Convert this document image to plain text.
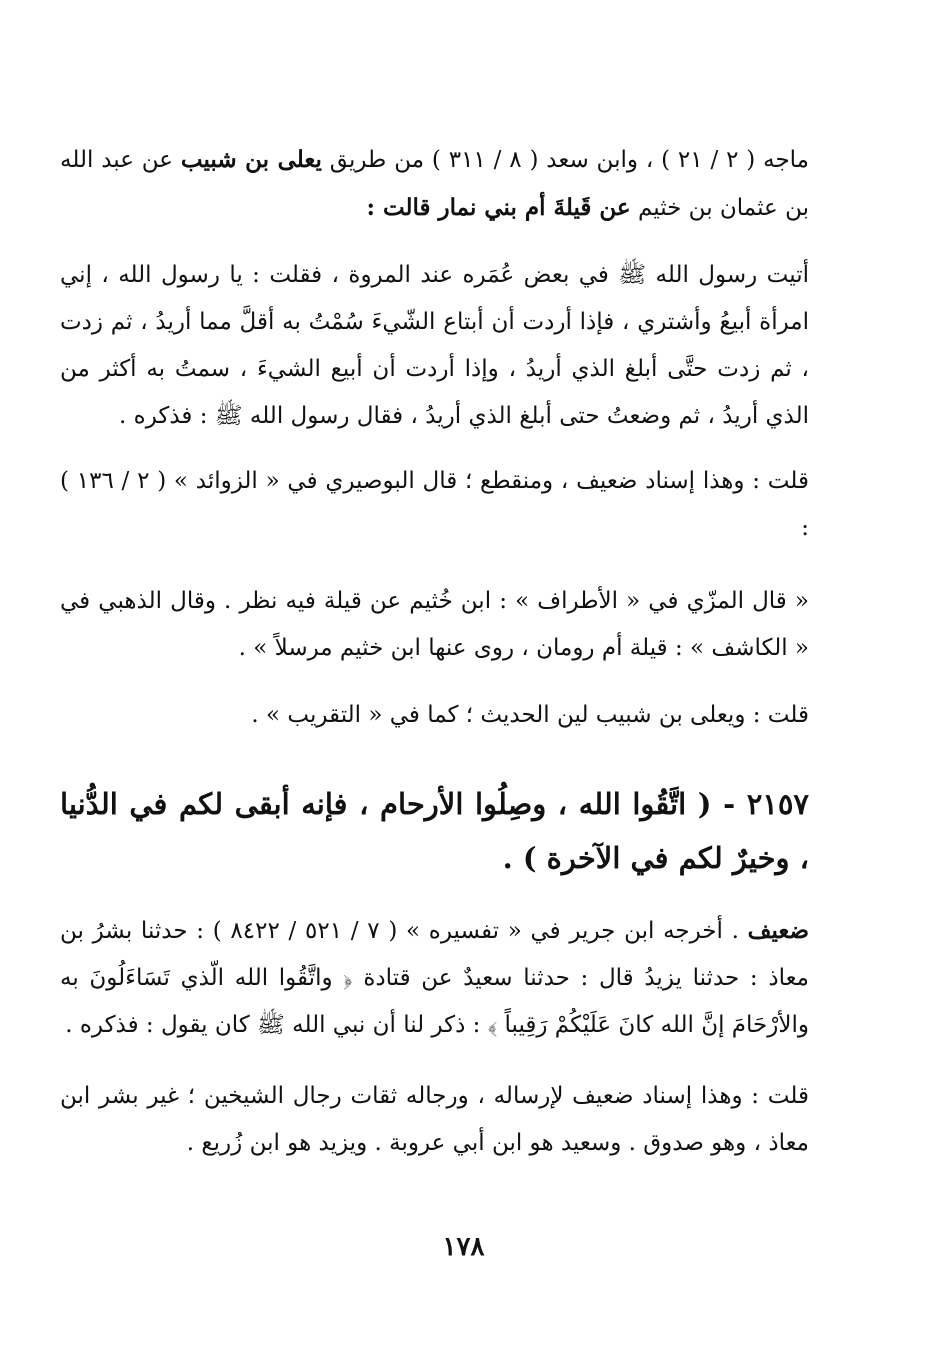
ماجه ( ٢ / ٢١ ) ، وابن سعد ( ٨ / ٣١١ ) من طريق يعلى بن شبيب عن عبد الله بن عثمان بن خثيم عن قَيلةَ أم بني نمار قالت :

أتيت رسول الله ﷺ في بعض عُمَره عند المروة ، فقلت : يا رسول الله ، إني امرأة أبيعُ وأشتري ، فإذا أردت أن أبتاع الشّيءَ سُمْتُ به أقلَّ مما أريدُ ، ثم زدت ، ثم زدت حتَّى أبلغ الذي أريدُ ، وإذا أردت أن أبيع الشيءَ ، سمتُ به أكثر من الذي أريدُ ، ثم وضعتُ حتى أبلغ الذي أريدُ ، فقال رسول الله ﷺ : فذكره .

قلت : وهذا إسناد ضعيف ، ومنقطع ؛ قال البوصيري في « الزوائد » ( ٢ / ١٣٦ ) :

« قال المزّي في « الأطراف » : ابن خُثيم عن قيلة فيه نظر . وقال الذهبي في « الكاشف » : قيلة أم رومان ، روى عنها ابن خثيم مرسلاً » .

قلت : ويعلى بن شبيب لين الحديث ؛ كما في « التقريب » .

٢١٥٧ - ( اتَّقُوا الله ، وصِلُوا الأرحام ، فإنه أبقى لكم في الدُّنيا ، وخيرٌ لكم في الآخرة ) .

ضعيف . أخرجه ابن جرير في « تفسيره » ( ٧ / ٥٢١ / ٨٤٢٢ ) : حدثنا بشرُ بن معاذ : حدثنا يزيدُ قال : حدثنا سعيدٌ عن قتادة ﴿ واتَّقُوا الله الّذي تَسَاءَلُونَ به والأرْحَامَ إنَّ الله كانَ عَلَيْكُمْ رَقِيباً ﴾ : ذكر لنا أن نبي الله ﷺ كان يقول : فذكره .

قلت : وهذا إسناد ضعيف لإرساله ، ورجاله ثقات رجال الشيخين ؛ غير بشر ابن معاذ ، وهو صدوق . وسعيد هو ابن أبي عروبة . ويزيد هو ابن زُريع .

١٧٨
